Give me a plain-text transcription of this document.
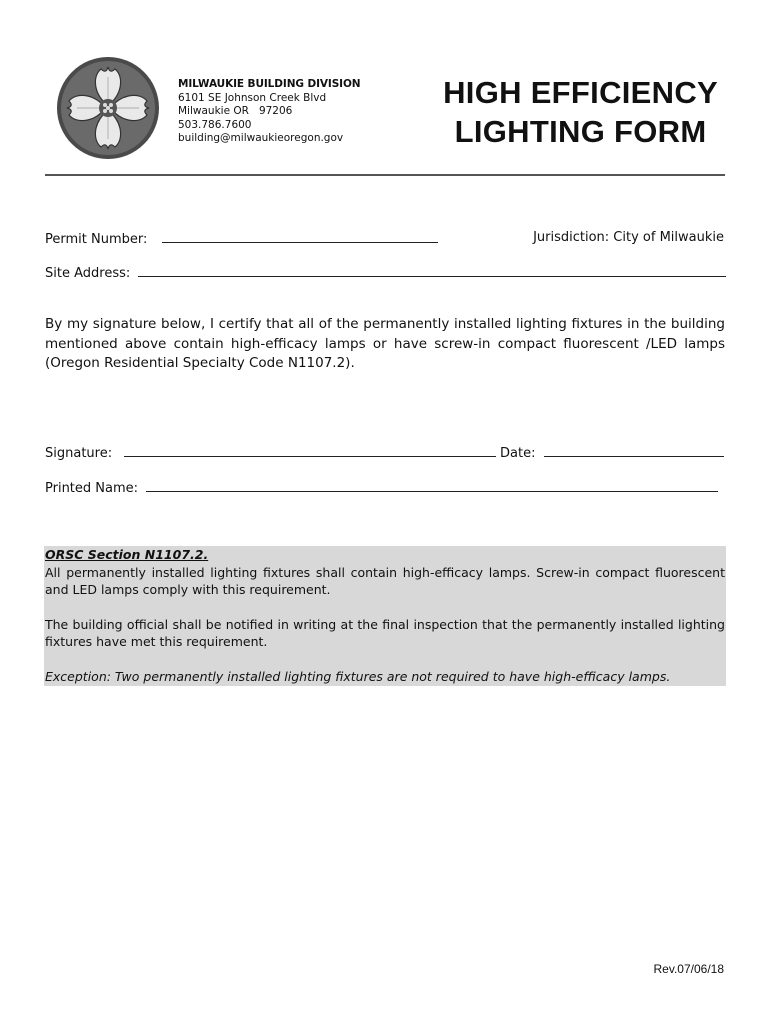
MILWAUKIE BUILDING DIVISION
6101 SE Johnson Creek Blvd
Milwaukie OR   97206
503.786.7600
building@milwaukieoregon.gov
HIGH EFFICIENCY
LIGHTING FORM
Permit Number:	Jurisdiction: City of Milwaukie
Site Address:
By my signature below, I certify that all of the permanently installed lighting fixtures in the building mentioned above contain high-efficacy lamps or have screw-in compact fluorescent /LED lamps (Oregon Residential Specialty Code N1107.2).
Signature:	Date:
Printed Name:

ORSC Section N1107.2.

All permanently installed lighting fixtures shall contain high-efficacy lamps. Screw-in compact fluorescent and LED lamps comply with this requirement.

The building official shall be notified in writing at the final inspection that the permanently installed lighting fixtures have met this requirement.

Exception: Two permanently installed lighting fixtures are not required to have high-efficacy lamps.

Rev.07/06/18
